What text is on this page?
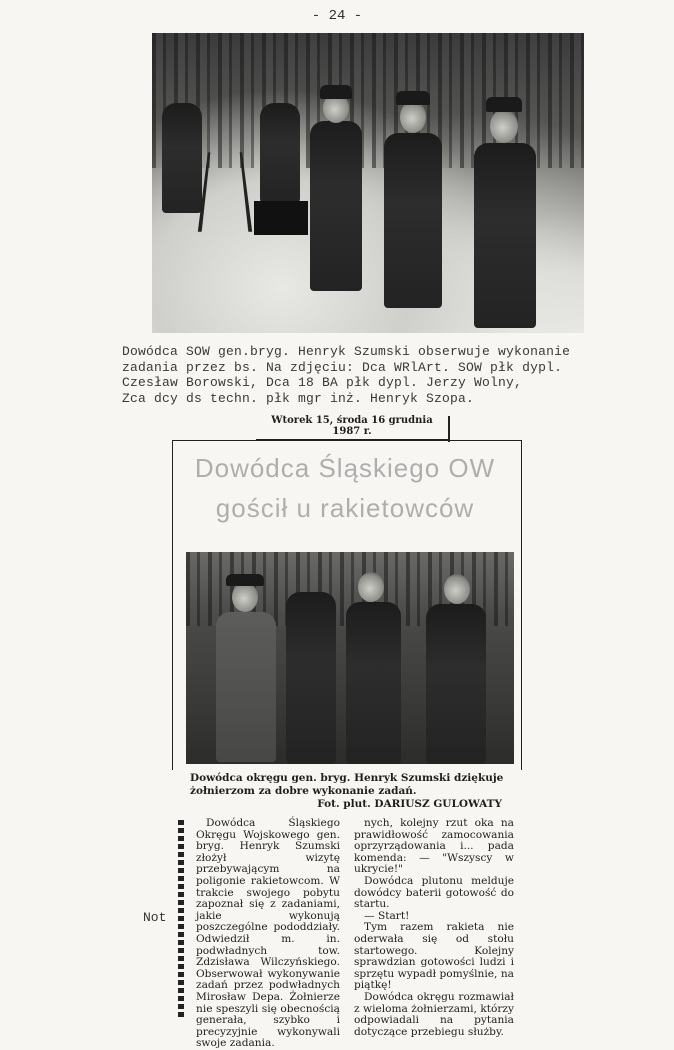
- 24 -
Dowódca SOW gen.bryg. Henryk Szumski obserwuje wykonanie
zadania przez bs. Na zdjęciu: Dca WRlArt. SOW płk dypl.
Czesław Borowski, Dca 18 BA płk dypl. Jerzy Wolny,
Zca dcy ds techn. płk mgr inż. Henryk Szopa.
Wtorek 15, środa 16 grudnia 1987 r.
Dowódca Śląskiego OW
gościł u rakietowców
Dowódca okręgu gen. bryg. Henryk Szumski dziękuje żołnierzom za dobre wykonanie zadań.
Fot. plut. DARIUSZ GULOWATY
Not

Dowódca Śląskiego Okręgu Wojskowego gen. bryg. Henryk Szumski złożył wizytę przebywającym na poligonie rakietowcom. W trakcie swojego pobytu zapoznał się z zadaniami, jakie wykonują poszczególne pododdziały. Odwiedził m. in. podwładnych tow. Zdzisława Wilczyńskiego. Obserwował wykonywanie zadań przez podwładnych Mirosław Depa. Żołnierze nie speszyli się obecnością generała, szybko i precyzyjnie wykonywali swoje zadania.

nych, kolejny rzut oka na prawidłowość zamocowania oprzyrządowania i... pada komenda: — "Wszyscy w ukrycie!"

Dowódca plutonu melduje dowódcy baterii gotowość do startu.

— Start!

Tym razem rakieta nie oderwała się od stołu startowego. Kolejny sprawdzian gotowości ludzi i sprzętu wypadł pomyślnie, na piątkę!

Dowódca okręgu rozmawiał z wieloma żołnierzami, którzy odpowiadali na pytania dotyczące przebiegu służby.
